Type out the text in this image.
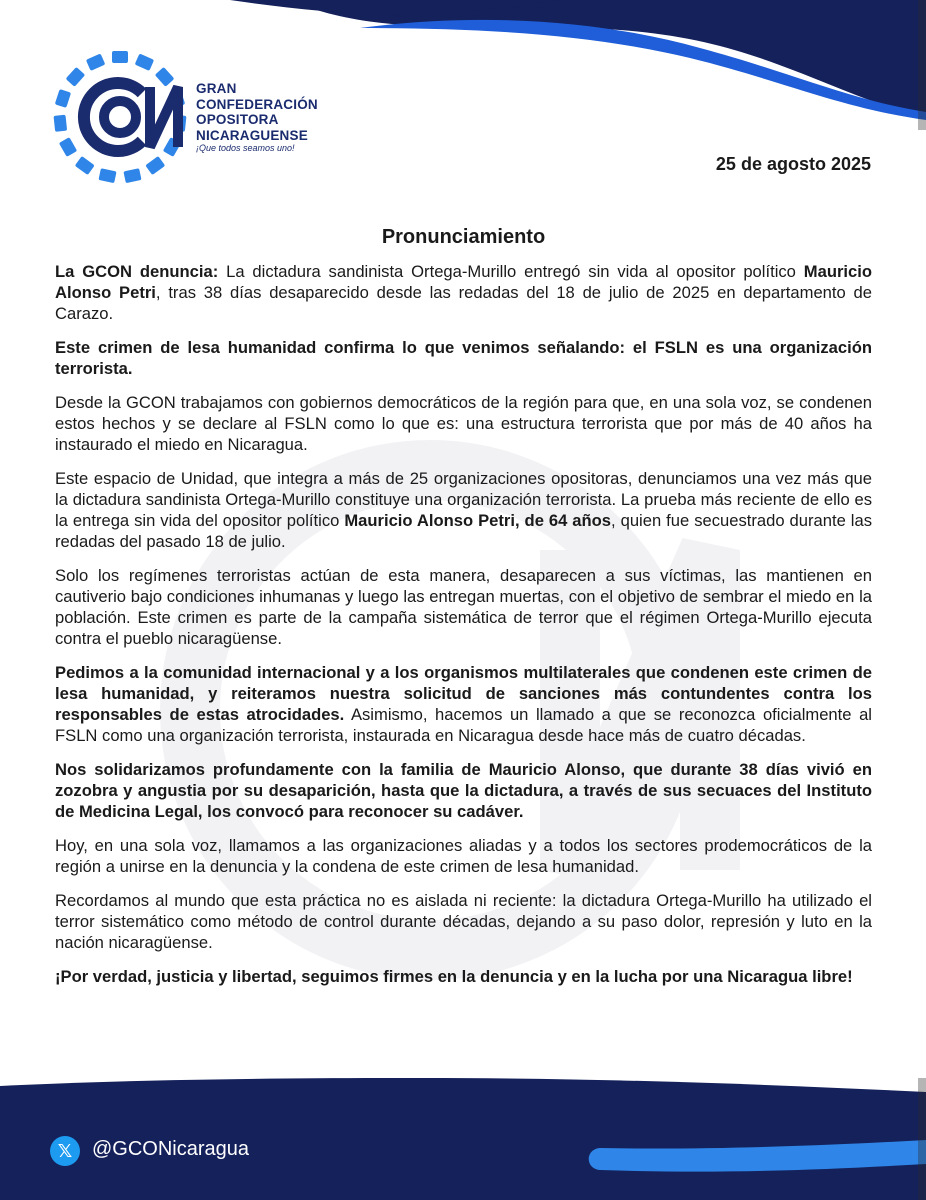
GRAN
CONFEDERACIÓN
OPOSITORA
NICARAGUENSE
¡Que todos seamos uno!
25 de agosto 2025
Pronunciamiento

La GCON denuncia: La dictadura sandinista Ortega-Murillo entregó sin vida al opositor político Mauricio Alonso Petri, tras 38 días desaparecido desde las redadas del 18 de julio de 2025 en departamento de Carazo.

Este crimen de lesa humanidad confirma lo que venimos señalando: el FSLN es una organización terrorista.

Desde la GCON trabajamos con gobiernos democráticos de la región para que, en una sola voz, se condenen estos hechos y se declare al FSLN como lo que es: una estructura terrorista que por más de 40 años ha instaurado el miedo en Nicaragua.

Este espacio de Unidad, que integra a más de 25 organizaciones opositoras, denunciamos una vez más que la dictadura sandinista Ortega-Murillo constituye una organización terrorista. La prueba más reciente de ello es la entrega sin vida del opositor político Mauricio Alonso Petri, de 64 años, quien fue secuestrado durante las redadas del pasado 18 de julio.

Solo los regímenes terroristas actúan de esta manera, desaparecen a sus víctimas, las mantienen en cautiverio bajo condiciones inhumanas y luego las entregan muertas, con el objetivo de sembrar el miedo en la población. Este crimen es parte de la campaña sistemática de terror que el régimen Ortega-Murillo ejecuta contra el pueblo nicaragüense.

Pedimos a la comunidad internacional y a los organismos multilaterales que condenen este crimen de lesa humanidad, y reiteramos nuestra solicitud de sanciones más contundentes contra los responsables de estas atrocidades. Asimismo, hacemos un llamado a que se reconozca oficialmente al FSLN como una organización terrorista, instaurada en Nicaragua desde hace más de cuatro décadas.

Nos solidarizamos profundamente con la familia de Mauricio Alonso, que durante 38 días vivió en zozobra y angustia por su desaparición, hasta que la dictadura, a través de sus secuaces del Instituto de Medicina Legal, los convocó para reconocer su cadáver.

Hoy, en una sola voz, llamamos a las organizaciones aliadas y a todos los sectores prodemocráticos de la región a unirse en la denuncia y la condena de este crimen de lesa humanidad.

Recordamos al mundo que esta práctica no es aislada ni reciente: la dictadura Ortega-Murillo ha utilizado el terror sistemático como método de control durante décadas, dejando a su paso dolor, represión y luto en la nación nicaragüense.

¡Por verdad, justicia y libertad, seguimos firmes en la denuncia y en la lucha por una Nicaragua libre!

𝕏 @GCONicaragua
